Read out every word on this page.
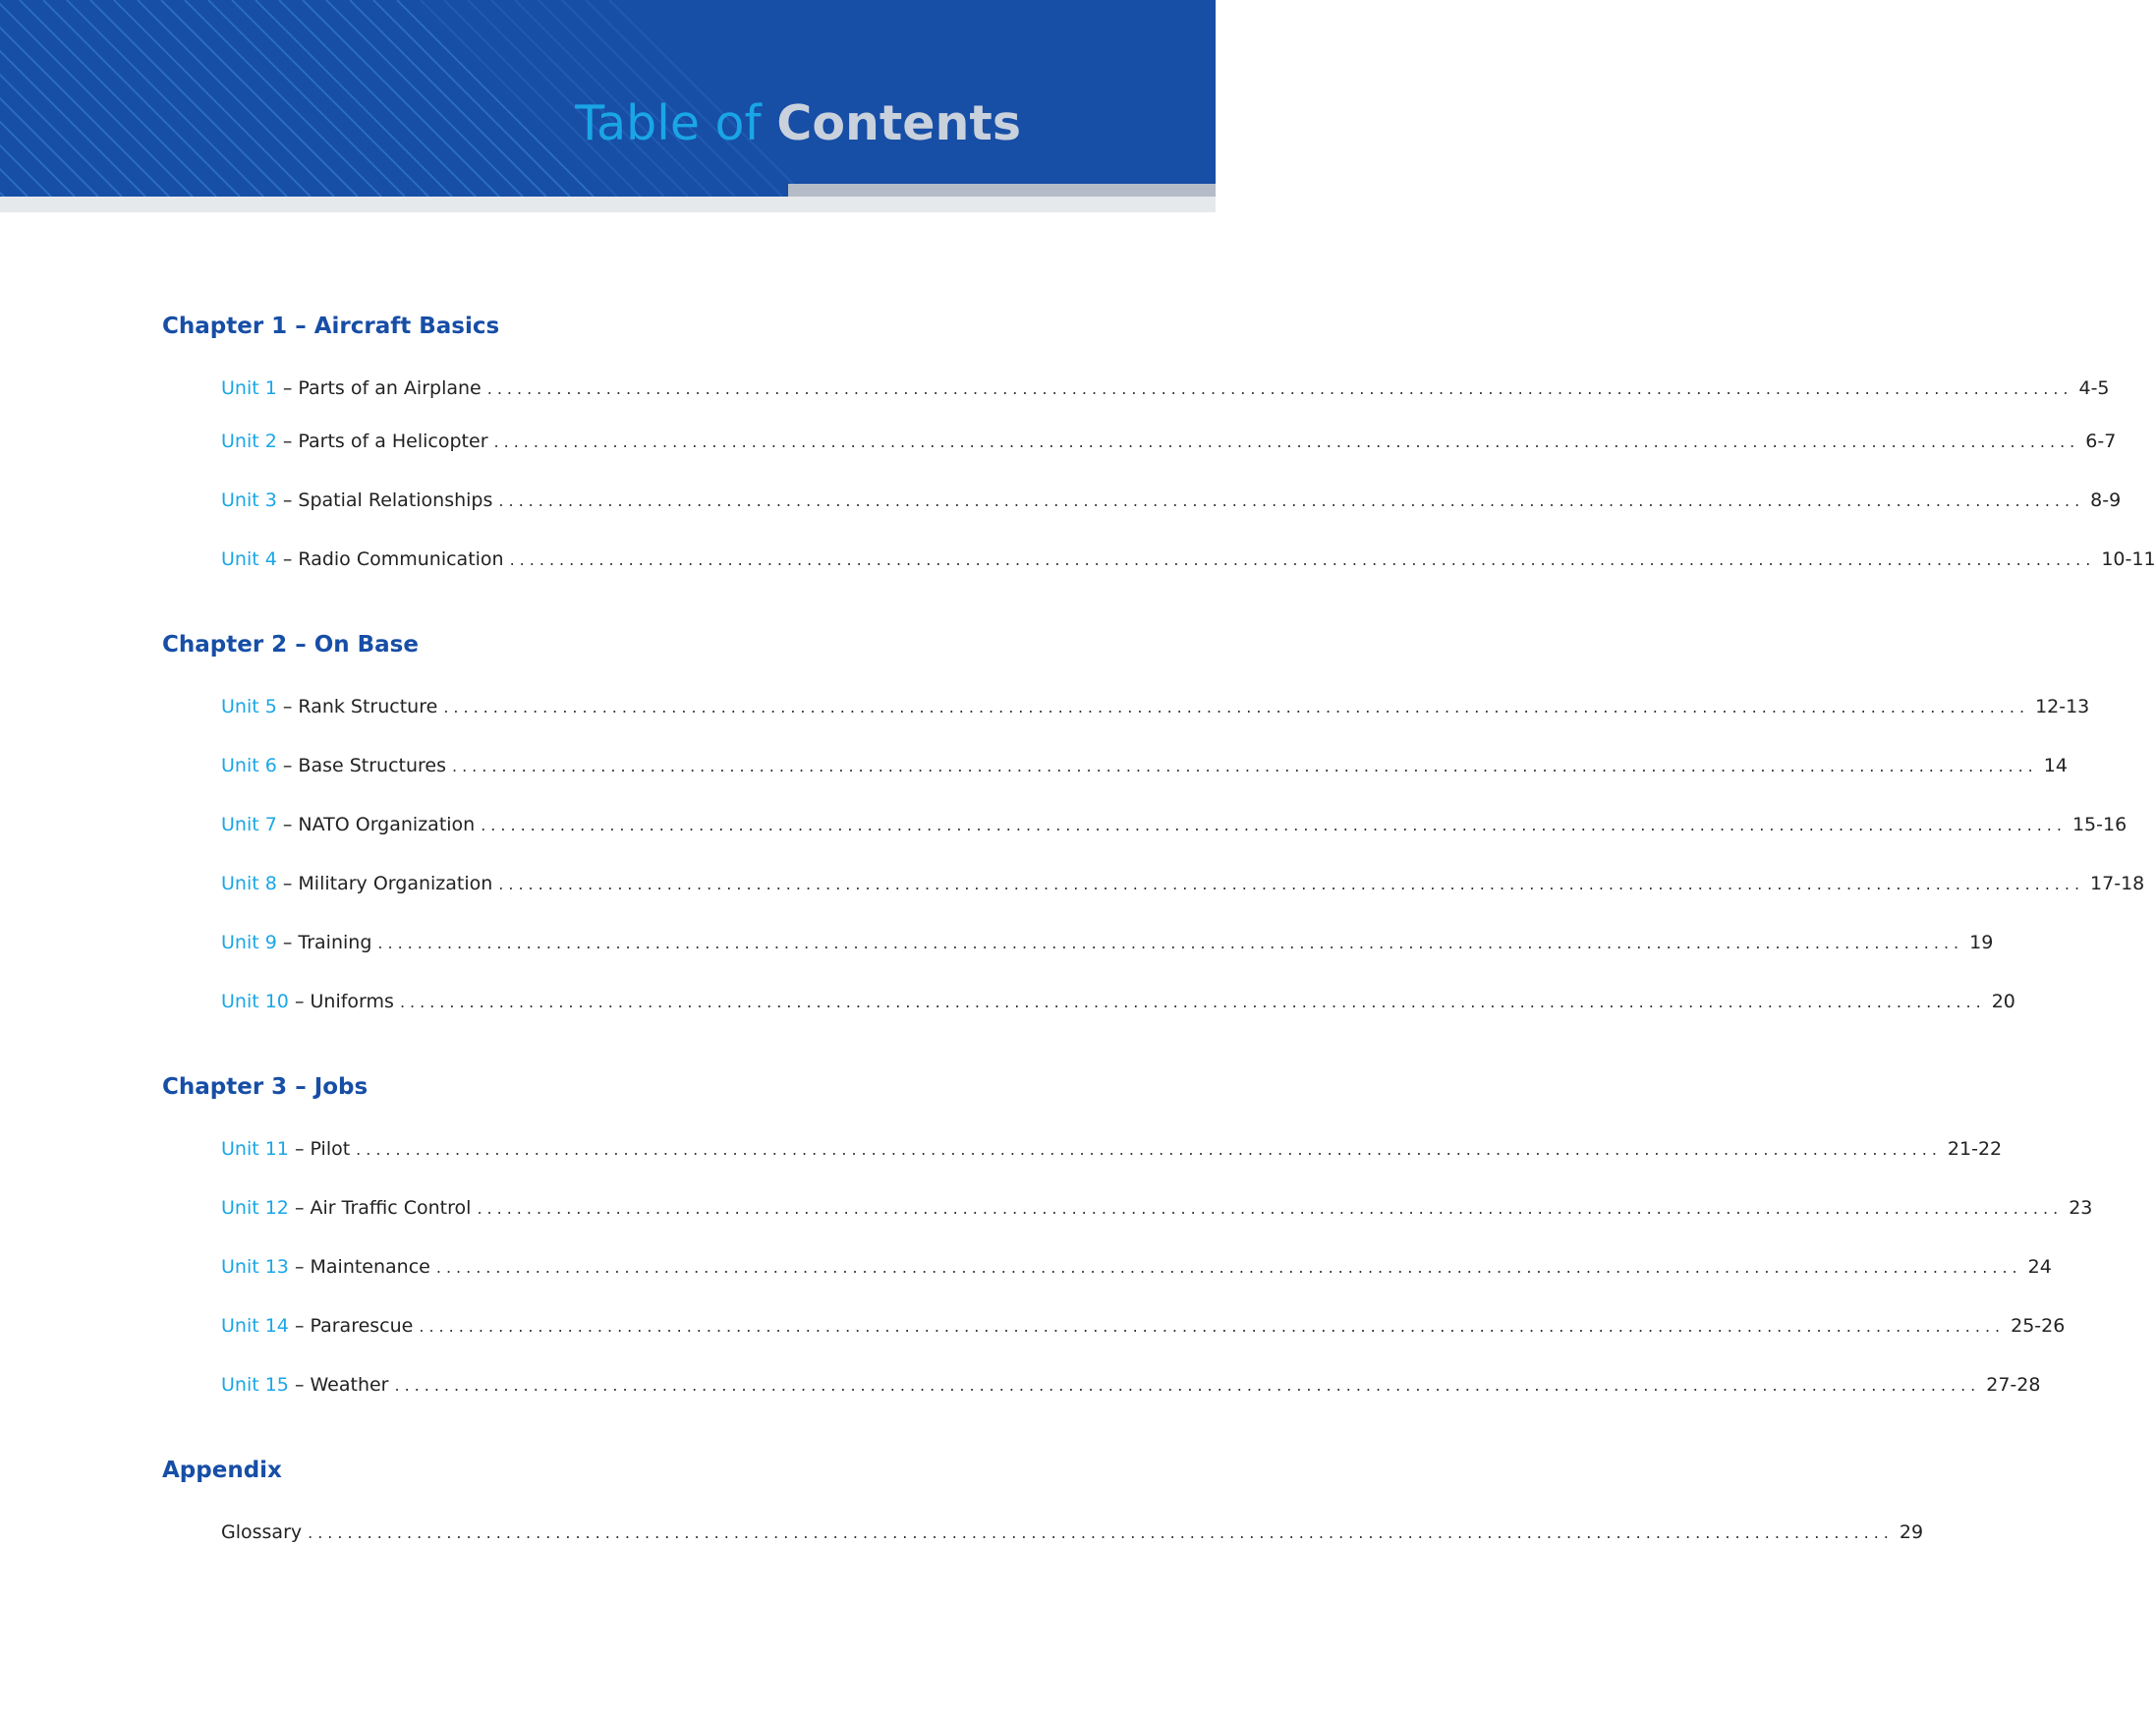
Table of Contents
Chapter 1 – Aircraft Basics
Unit 1 – Parts of an Airplane ................................................................................................................................................................ 4-5
Unit 2 – Parts of a Helicopter ................................................................................................................................................................ 6-7
Unit 3 – Spatial Relationships ................................................................................................................................................................ 8-9
Unit 4 – Radio Communication ................................................................................................................................................................ 10-11
Chapter 2 – On Base
Unit 5 – Rank Structure ................................................................................................................................................................ 12-13
Unit 6 – Base Structures ................................................................................................................................................................ 14
Unit 7 – NATO Organization ................................................................................................................................................................ 15-16
Unit 8 – Military Organization ................................................................................................................................................................ 17-18
Unit 9 – Training ................................................................................................................................................................ 19
Unit 10 – Uniforms ................................................................................................................................................................ 20
Chapter 3 – Jobs
Unit 11 – Pilot ................................................................................................................................................................ 21-22
Unit 12 – Air Traffic Control ................................................................................................................................................................ 23
Unit 13 – Maintenance ................................................................................................................................................................ 24
Unit 14 – Pararescue ................................................................................................................................................................ 25-26
Unit 15 – Weather ................................................................................................................................................................ 27-28
Appendix
Glossary ................................................................................................................................................................ 29
